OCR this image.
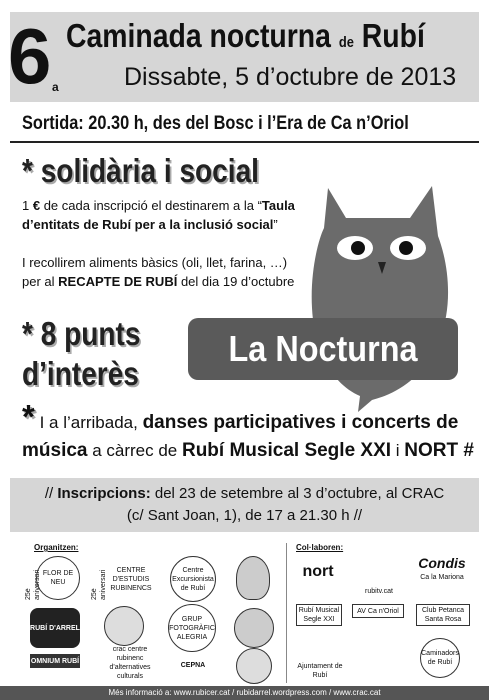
6 a
Caminada nocturna de Rubí
Dissabte, 5 d’octubre de 2013
Sortida: 20.30 h, des del Bosc i l’Era de Ca n’Oriol
* solidària i social
1 € de cada inscripció el destinarem a la “Taula
d’entitats de Rubí per a la inclusió social”
I recollirem aliments bàsics (oli, llet, farina, …)
per al RECAPTE DE RUBÍ del dia 19 d’octubre
* 8 punts
d’interès
La Nocturna
* I a l’arribada, danses participatives i concerts de
música a càrrec de Rubí Musical Segle XXI i NORT #
// Inscripcions: del 23 de setembre al 3 d’octubre, al CRAC
(c/ Sant Joan, 1), de 17 a 21.30 h //
Organitzen:	Col·laboren:
25è aniversari FLOR DE NEU
25è aniversari	CENTRE D'ESTUDIS RUBINENCS
Centre Excursionista de Rubí
RUBÍ D'ARREL
GRUP FOTOGRÀFIC ALEGRIA
OMNIUM RUBÍ
crac centre rubinenc d'alternatives culturals
CEPNA
nort
rubitv.cat
Condis
Ca la Mariona
Rubí Musical Segle XXI
AV Ca n'Oriol	Club Petanca Santa Rosa
Ajuntament de Rubí
Caminadors de Rubí
Més informació a: www.rubicer.cat / rubidarrel.wordpress.com / www.crac.cat
